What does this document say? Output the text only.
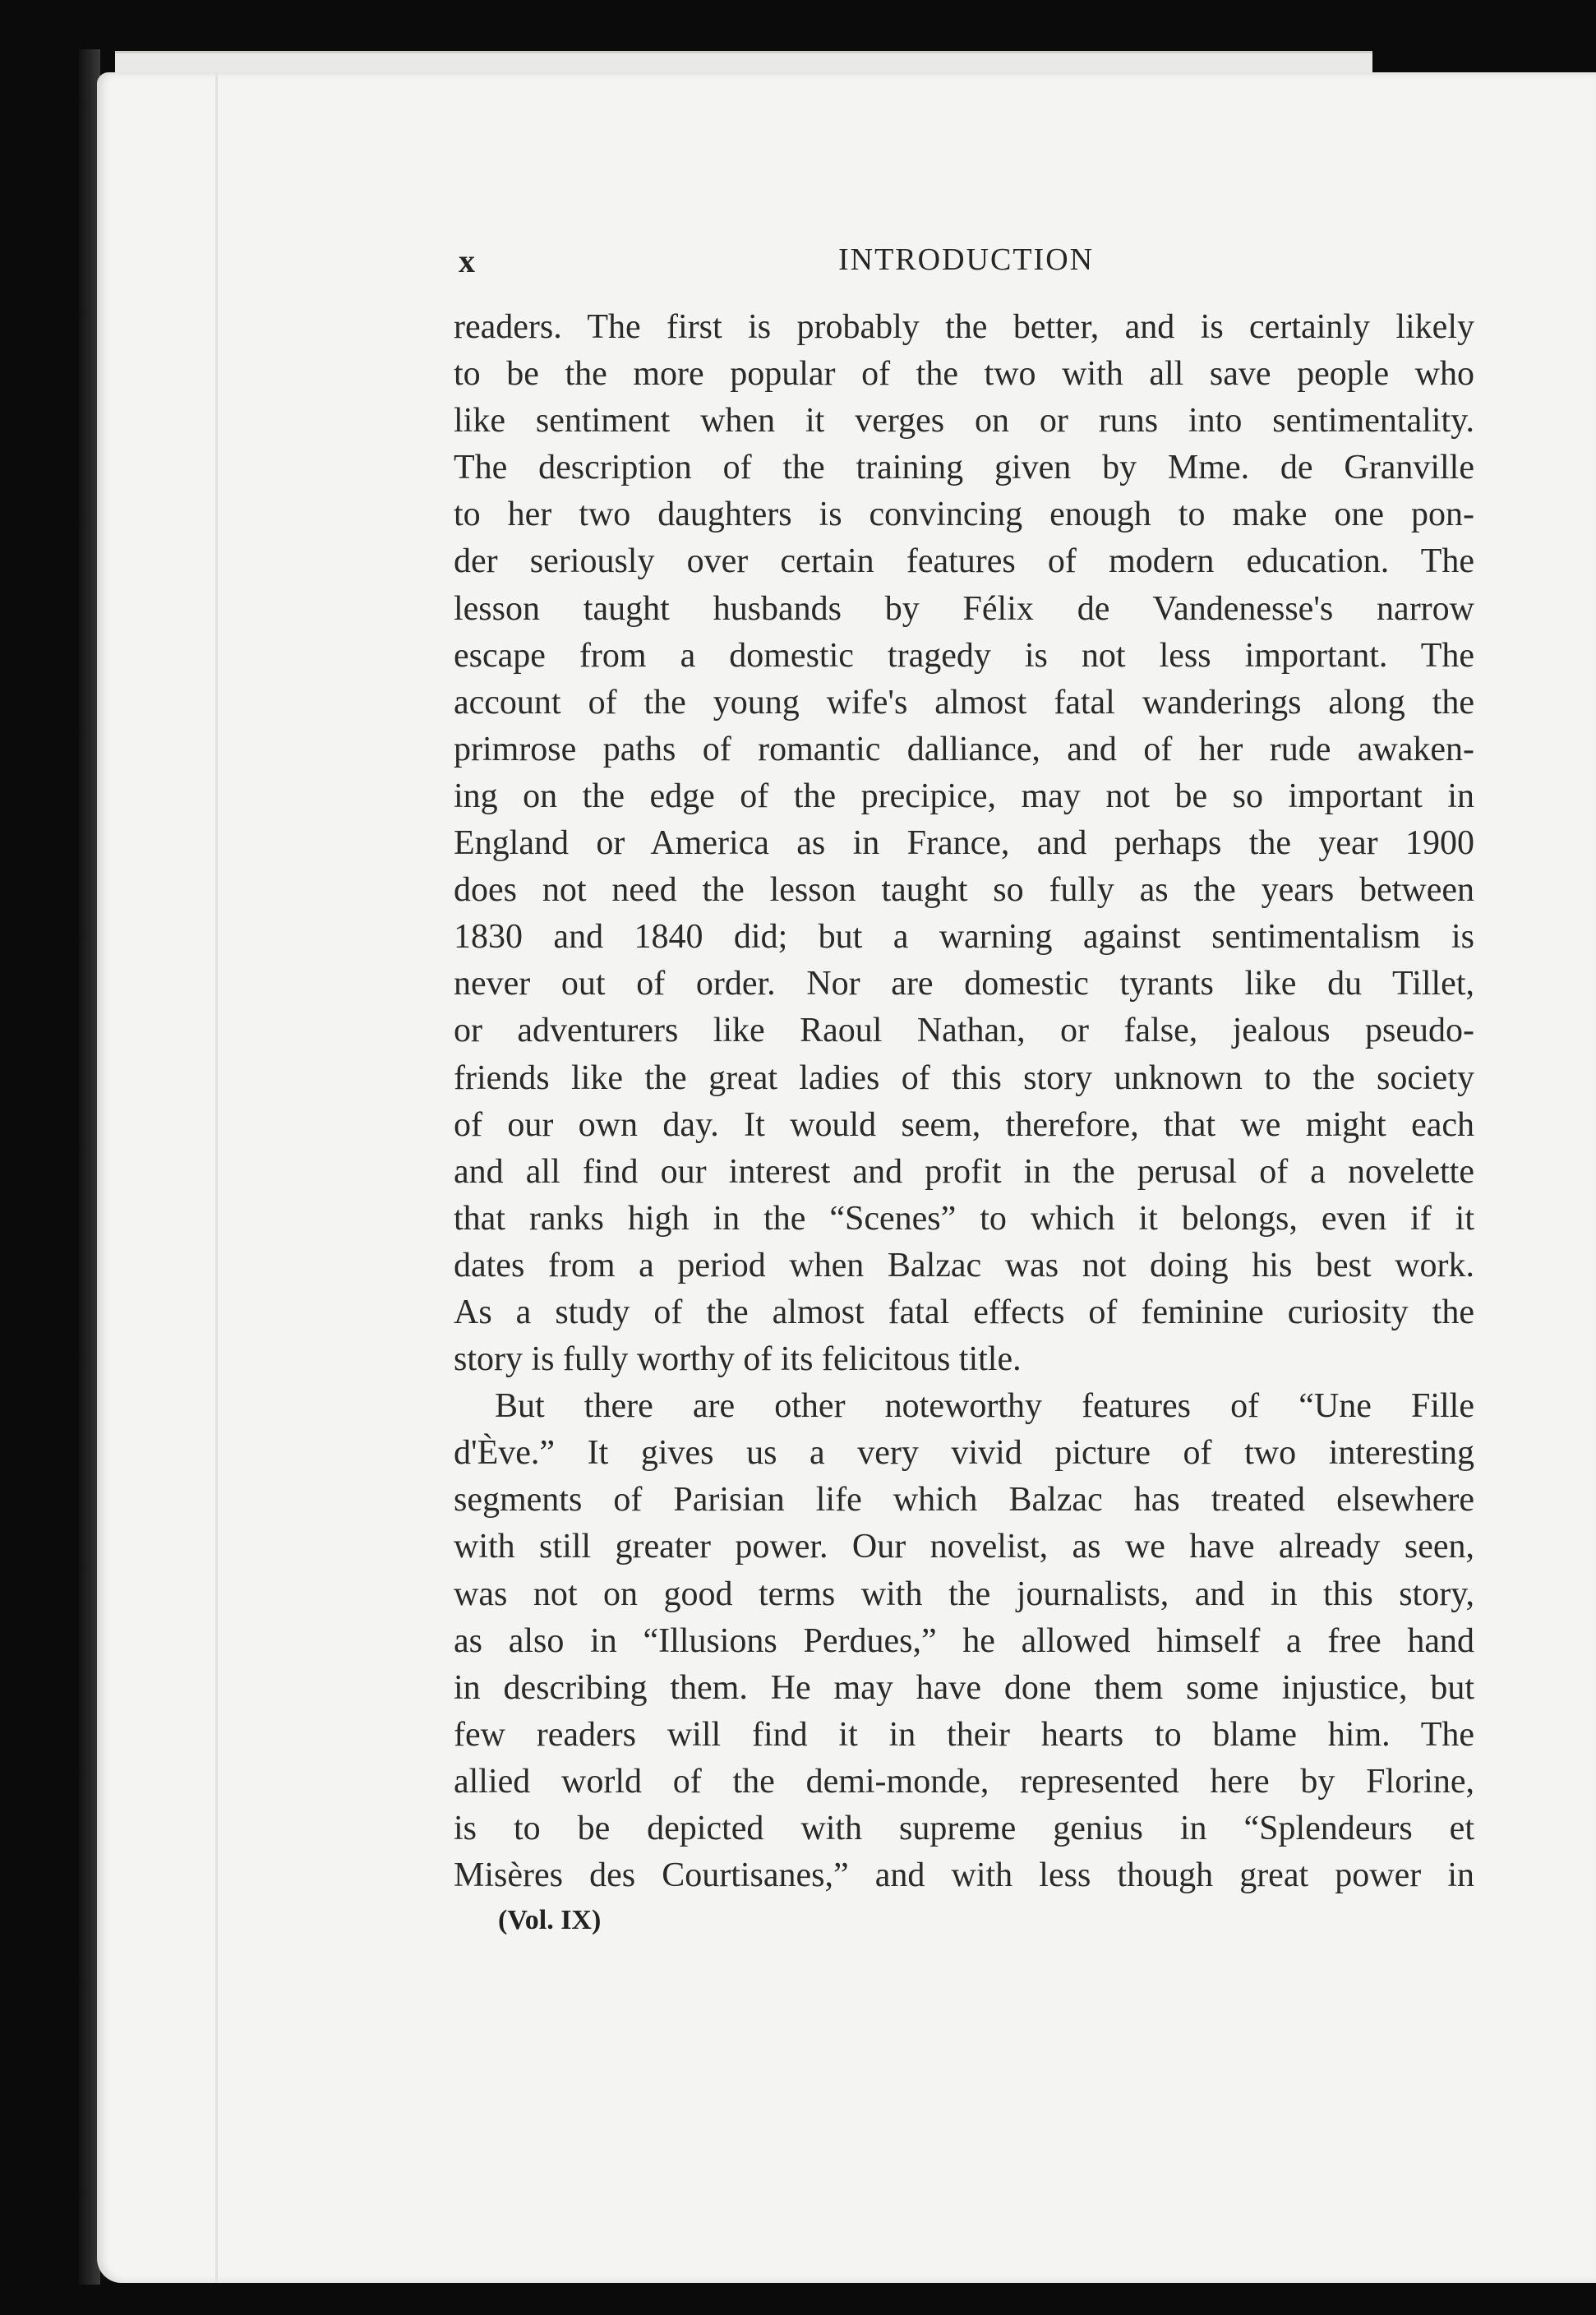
x	INTRODUCTION
readers. The first is probably the better, and is certainly likely
to be the more popular of the two with all save people who
like sentiment when it verges on or runs into sentimentality.
The description of the training given by Mme. de Granville
to her two daughters is convincing enough to make one pon-
der seriously over certain features of modern education. The
lesson taught husbands by Félix de Vandenesse's narrow
escape from a domestic tragedy is not less important. The
account of the young wife's almost fatal wanderings along the
primrose paths of romantic dalliance, and of her rude awaken-
ing on the edge of the precipice, may not be so important in
England or America as in France, and perhaps the year 1900
does not need the lesson taught so fully as the years between
1830 and 1840 did; but a warning against sentimentalism is
never out of order. Nor are domestic tyrants like du Tillet,
or adventurers like Raoul Nathan, or false, jealous pseudo-
friends like the great ladies of this story unknown to the society
of our own day. It would seem, therefore, that we might each
and all find our interest and profit in the perusal of a novelette
that ranks high in the “Scenes” to which it belongs, even if it
dates from a period when Balzac was not doing his best work.
As a study of the almost fatal effects of feminine curiosity the
story is fully worthy of its felicitous title.
But there are other noteworthy features of “Une Fille
d'Ève.” It gives us a very vivid picture of two interesting
segments of Parisian life which Balzac has treated elsewhere
with still greater power. Our novelist, as we have already seen,
was not on good terms with the journalists, and in this story,
as also in “Illusions Perdues,” he allowed himself a free hand
in describing them. He may have done them some injustice, but
few readers will find it in their hearts to blame him. The
allied world of the demi-monde, represented here by Florine,
is to be depicted with supreme genius in “Splendeurs et
Misères des Courtisanes,” and with less though great power in
(Vol. IX)
